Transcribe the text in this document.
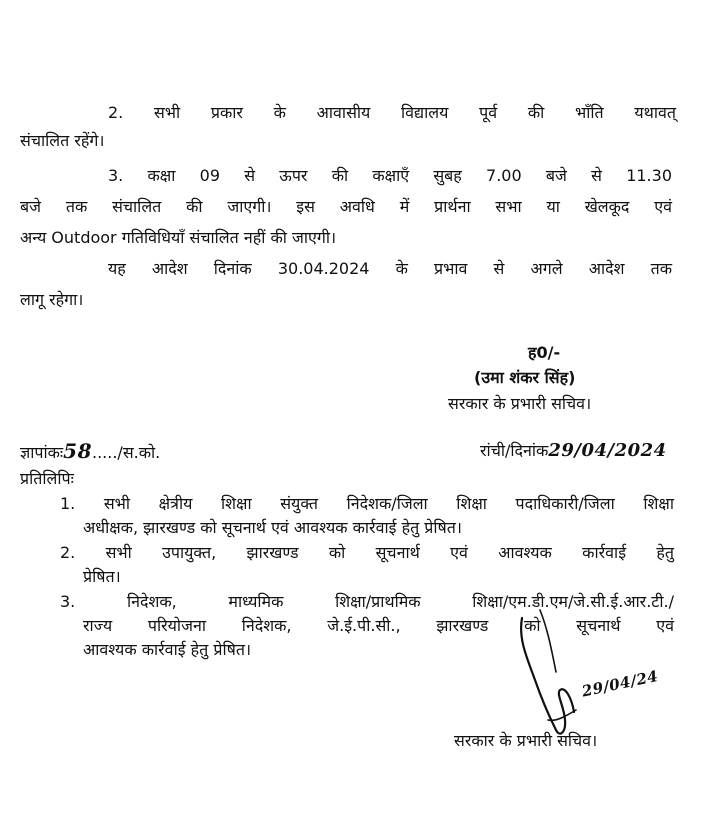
2. सभी प्रकार के आवासीय विद्यालय पूर्व की भाँति यथावत्
संचालित रहेंगे।
3. कक्षा 09 से ऊपर की कक्षाएँ सुबह 7.00 बजे से 11.30
बजे तक संचालित की जाएगी। इस अवधि में प्रार्थना सभा या खेलकूद एवं
अन्य Outdoor गतिविधियाँ संचालित नहीं की जाएगी।
यह आदेश दिनांक 30.04.2024 के प्रभाव से अगले आदेश तक
लागू रहेगा।
ह0/-
(उमा शंकर सिंह)
सरकार के प्रभारी सचिव।
ज्ञापांकः58...../स.को.	रांची/दिनांक29/04/2024
प्रतिलिपिः
1. सभी क्षेत्रीय शिक्षा संयुक्त निदेशक/जिला शिक्षा पदाधिकारी/जिला शिक्षा
अधीक्षक, झारखण्ड को सूचनार्थ एवं आवश्यक कार्रवाई हेतु प्रेषित।
2. सभी उपायुक्त, झारखण्ड को सूचनार्थ एवं आवश्यक कार्रवाई हेतु
प्रेषित।
3. निदेशक, माध्यमिक शिक्षा/प्राथमिक शिक्षा/एम.डी.एम/जे.सी.ई.आर.टी./
राज्य परियोजना निदेशक, जे.ई.पी.सी., झारखण्ड को सूचनार्थ एवं
आवश्यक कार्रवाई हेतु प्रेषित।
29/04/24
सरकार के प्रभारी सचिव।
